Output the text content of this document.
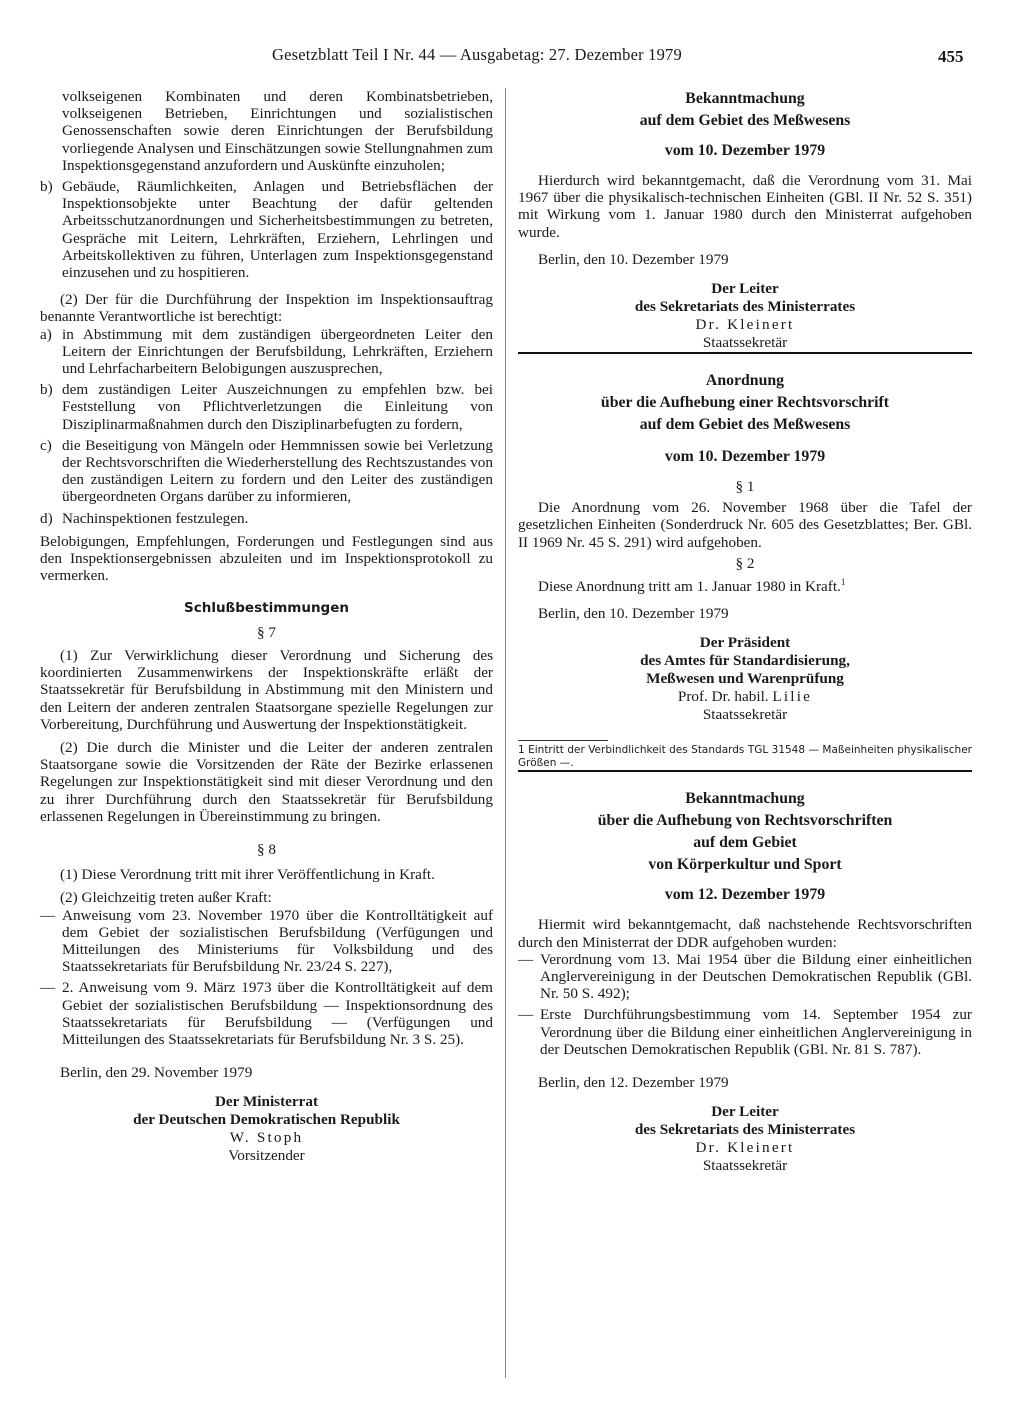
Gesetzblatt Teil I Nr. 44 — Ausgabetag: 27. Dezember 1979	455

volkseigenen Kombinaten und deren Kombinatsbetrieben, volkseigenen Betrieben, Einrichtungen und sozialistischen Genossenschaften sowie deren Einrichtungen der Berufsbildung vorliegende Analysen und Einschätzungen sowie Stellungnahmen zum Inspektionsgegenstand anzufordern und Auskünfte einzuholen;

b) Gebäude, Räumlichkeiten, Anlagen und Betriebsflächen der Inspektionsobjekte unter Beachtung der dafür geltenden Arbeitsschutzanordnungen und Sicherheitsbestimmungen zu betreten, Gespräche mit Leitern, Lehrkräften, Erziehern, Lehrlingen und Arbeitskollektiven zu führen, Unterlagen zum Inspektionsgegenstand einzusehen und zu hospitieren.

(2) Der für die Durchführung der Inspektion im Inspektionsauftrag benannte Verantwortliche ist berechtigt:

a) in Abstimmung mit dem zuständigen übergeordneten Leiter den Leitern der Einrichtungen der Berufsbildung, Lehrkräften, Erziehern und Lehrfacharbeitern Belobigungen auszusprechen,

b) dem zuständigen Leiter Auszeichnungen zu empfehlen bzw. bei Feststellung von Pflichtverletzungen die Einleitung von Disziplinarmaßnahmen durch den Disziplinarbefugten zu fordern,

c) die Beseitigung von Mängeln oder Hemmnissen sowie bei Verletzung der Rechtsvorschriften die Wiederherstellung des Rechtszustandes von den zuständigen Leitern zu fordern und den Leiter des zuständigen übergeordneten Organs darüber zu informieren,

d) Nachinspektionen festzulegen.

Belobigungen, Empfehlungen, Forderungen und Festlegungen sind aus den Inspektionsergebnissen abzuleiten und im Inspektionsprotokoll zu vermerken.

Schlußbestimmungen

§ 7

(1) Zur Verwirklichung dieser Verordnung und Sicherung des koordinierten Zusammenwirkens der Inspektionskräfte erläßt der Staatssekretär für Berufsbildung in Abstimmung mit den Ministern und den Leitern der anderen zentralen Staatsorgane spezielle Regelungen zur Vorbereitung, Durchführung und Auswertung der Inspektionstätigkeit.

(2) Die durch die Minister und die Leiter der anderen zentralen Staatsorgane sowie die Vorsitzenden der Räte der Bezirke erlassenen Regelungen zur Inspektionstätigkeit sind mit dieser Verordnung und den zu ihrer Durchführung durch den Staatssekretär für Berufsbildung erlassenen Regelungen in Übereinstimmung zu bringen.

§ 8

(1) Diese Verordnung tritt mit ihrer Veröffentlichung in Kraft.

(2) Gleichzeitig treten außer Kraft:

— Anweisung vom 23. November 1970 über die Kontrolltätigkeit auf dem Gebiet der sozialistischen Berufsbildung (Verfügungen und Mitteilungen des Ministeriums für Volksbildung und des Staatssekretariats für Berufsbildung Nr. 23/24 S. 227),

— 2. Anweisung vom 9. März 1973 über die Kontrolltätigkeit auf dem Gebiet der sozialistischen Berufsbildung — Inspektionsordnung des Staatssekretariats für Berufsbildung — (Verfügungen und Mitteilungen des Staatssekretariats für Berufsbildung Nr. 3 S. 25).

Berlin, den 29. November 1979

Der Ministerrat
der Deutschen Demokratischen Republik
W. Stoph
Vorsitzender
Bekanntmachung
auf dem Gebiet des Meßwesens
vom 10. Dezember 1979

Hierdurch wird bekanntgemacht, daß die Verordnung vom 31. Mai 1967 über die physikalisch-technischen Einheiten (GBl. II Nr. 52 S. 351) mit Wirkung vom 1. Januar 1980 durch den Ministerrat aufgehoben wurde.

Berlin, den 10. Dezember 1979

Der Leiter
des Sekretariats des Ministerrates
Dr. Kleinert
Staatssekretär
Anordnung
über die Aufhebung einer Rechtsvorschrift
auf dem Gebiet des Meßwesens
vom 10. Dezember 1979

§ 1

Die Anordnung vom 26. November 1968 über die Tafel der gesetzlichen Einheiten (Sonderdruck Nr. 605 des Gesetzblattes; Ber. GBl. II 1969 Nr. 45 S. 291) wird aufgehoben.

§ 2

Diese Anordnung tritt am 1. Januar 1980 in Kraft.$^1$

Berlin, den 10. Dezember 1979

Der Präsident
des Amtes für Standardisierung,
Meßwesen und Warenprüfung
Prof. Dr. habil. Lilie
Staatssekretär

1 Eintritt der Verbindlichkeit des Standards TGL 31548 — Maßeinheiten physikalischer Größen —.

Bekanntmachung
über die Aufhebung von Rechtsvorschriften
auf dem Gebiet
von Körperkultur und Sport
vom 12. Dezember 1979

Hiermit wird bekanntgemacht, daß nachstehende Rechtsvorschriften durch den Ministerrat der DDR aufgehoben wurden:

— Verordnung vom 13. Mai 1954 über die Bildung einer einheitlichen Anglervereinigung in der Deutschen Demokratischen Republik (GBl. Nr. 50 S. 492);

— Erste Durchführungsbestimmung vom 14. September 1954 zur Verordnung über die Bildung einer einheitlichen Anglervereinigung in der Deutschen Demokratischen Republik (GBl. Nr. 81 S. 787).

Berlin, den 12. Dezember 1979

Der Leiter
des Sekretariats des Ministerrates
Dr. Kleinert
Staatssekretär
